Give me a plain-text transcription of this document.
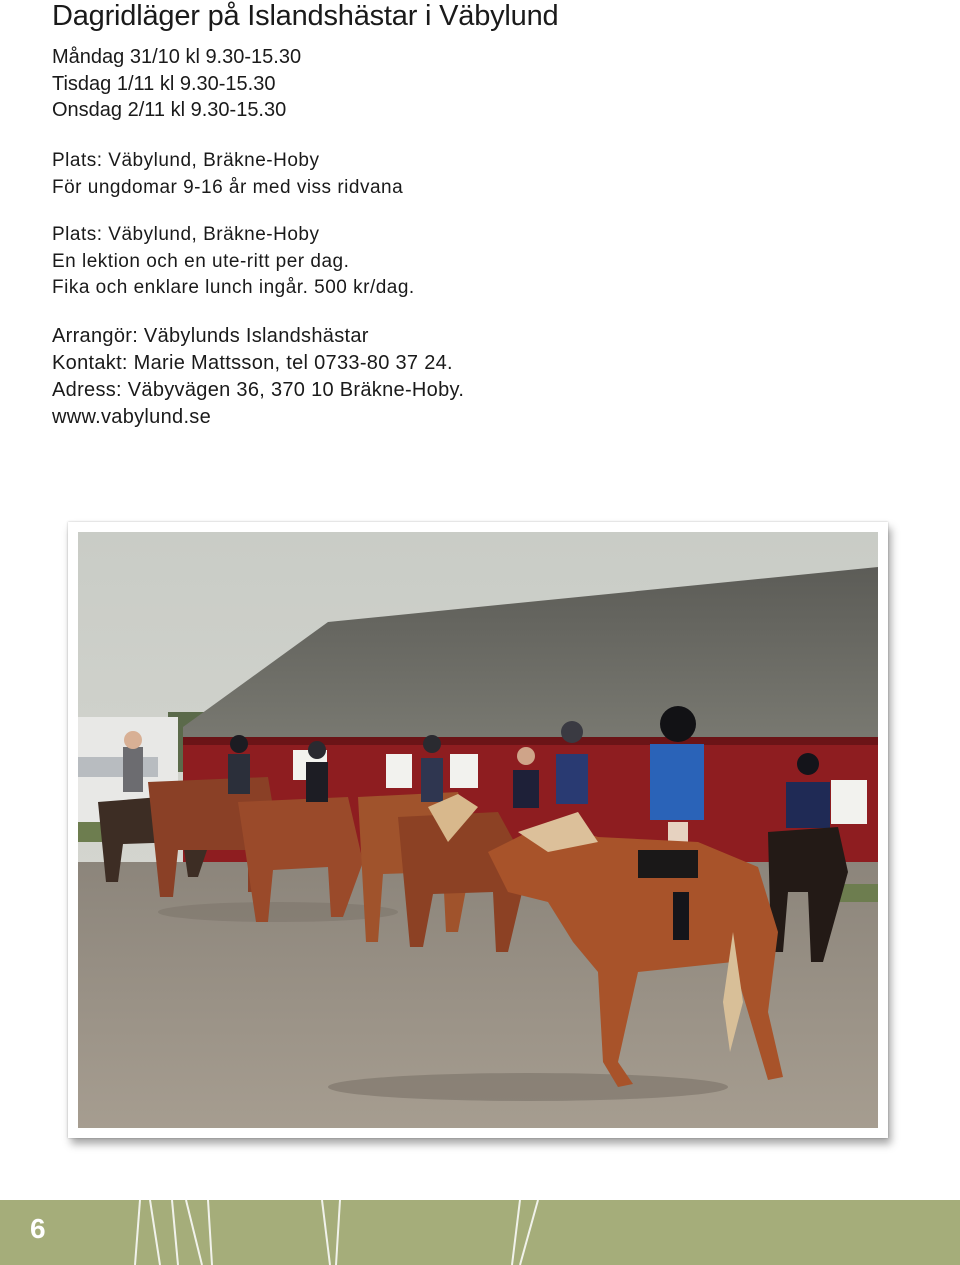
Dagridläger på Islandshästar i Väbylund
Måndag 31/10 kl 9.30-15.30
Tisdag 1/11 kl 9.30-15.30
Onsdag 2/11 kl 9.30-15.30
Plats: Väbylund, Bräkne-Hoby
För ungdomar 9-16 år med viss ridvana
Plats: Väbylund, Bräkne-Hoby
En lektion och en ute-ritt per dag.
Fika och enklare lunch ingår. 500 kr/dag.
Arrangör: Väbylunds Islandshästar
Kontakt: Marie Mattsson, tel 0733-80 37 24.
Adress: Väbyvägen 36, 370 10 Bräkne-Hoby.
www.vabylund.se
6
